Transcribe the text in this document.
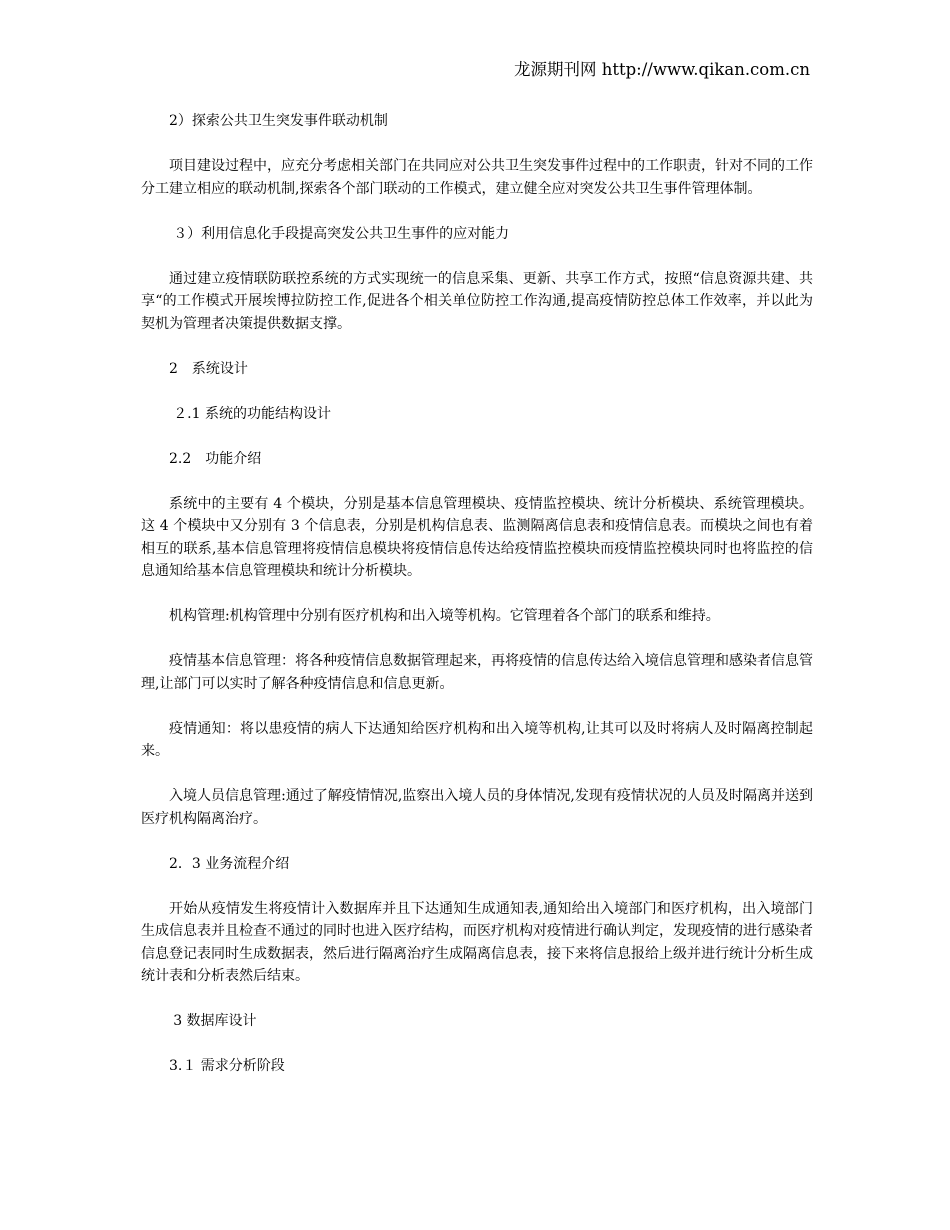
龙源期刊网 http://www.qikan.com.cn

2）探索公共卫生突发事件联动机制

项目建设过程中，应充分考虑相关部门在共同应对公共卫生突发事件过程中的工作职责，针对不同的工作分工建立相应的联动机制,探索各个部门联动的工作模式，建立健全应对突发公共卫生事件管理体制。

３）利用信息化手段提高突发公共卫生事件的应对能力

通过建立疫情联防联控系统的方式实现统一的信息采集、更新、共享工作方式，按照“信息资源共建、共享“的工作模式开展埃博拉防控工作,促进各个相关单位防控工作沟通,提高疫情防控总体工作效率，并以此为契机为管理者决策提供数据支撑。

2　系统设计

２.1 系统的功能结构设计

2.2　功能介绍

系统中的主要有 4 个模块，分别是基本信息管理模块、疫情监控模块、统计分析模块、系统管理模块。这 4 个模块中又分别有 3 个信息表，分别是机构信息表、监测隔离信息表和疫情信息表。而模块之间也有着相互的联系,基本信息管理将疫情信息模块将疫情信息传达给疫情监控模块而疫情监控模块同时也将监控的信息通知给基本信息管理模块和统计分析模块。

机构管理:机构管理中分别有医疗机构和出入境等机构。它管理着各个部门的联系和维持。

疫情基本信息管理：将各种疫情信息数据管理起来，再将疫情的信息传达给入境信息管理和感染者信息管理,让部门可以实时了解各种疫情信息和信息更新。

疫情通知：将以患疫情的病人下达通知给医疗机构和出入境等机构,让其可以及时将病人及时隔离控制起来。

入境人员信息管理:通过了解疫情情况,监察出入境人员的身体情况,发现有疫情状况的人员及时隔离并送到医疗机构隔离治疗。

2．3 业务流程介绍

开始从疫情发生将疫情计入数据库并且下达通知生成通知表,通知给出入境部门和医疗机构，出入境部门生成信息表并且检查不通过的同时也进入医疗结构，而医疗机构对疫情进行确认判定，发现疫情的进行感染者信息登记表同时生成数据表，然后进行隔离治疗生成隔离信息表，接下来将信息报给上级并进行统计分析生成统计表和分析表然后结束。

3 数据库设计

3.１ 需求分析阶段
